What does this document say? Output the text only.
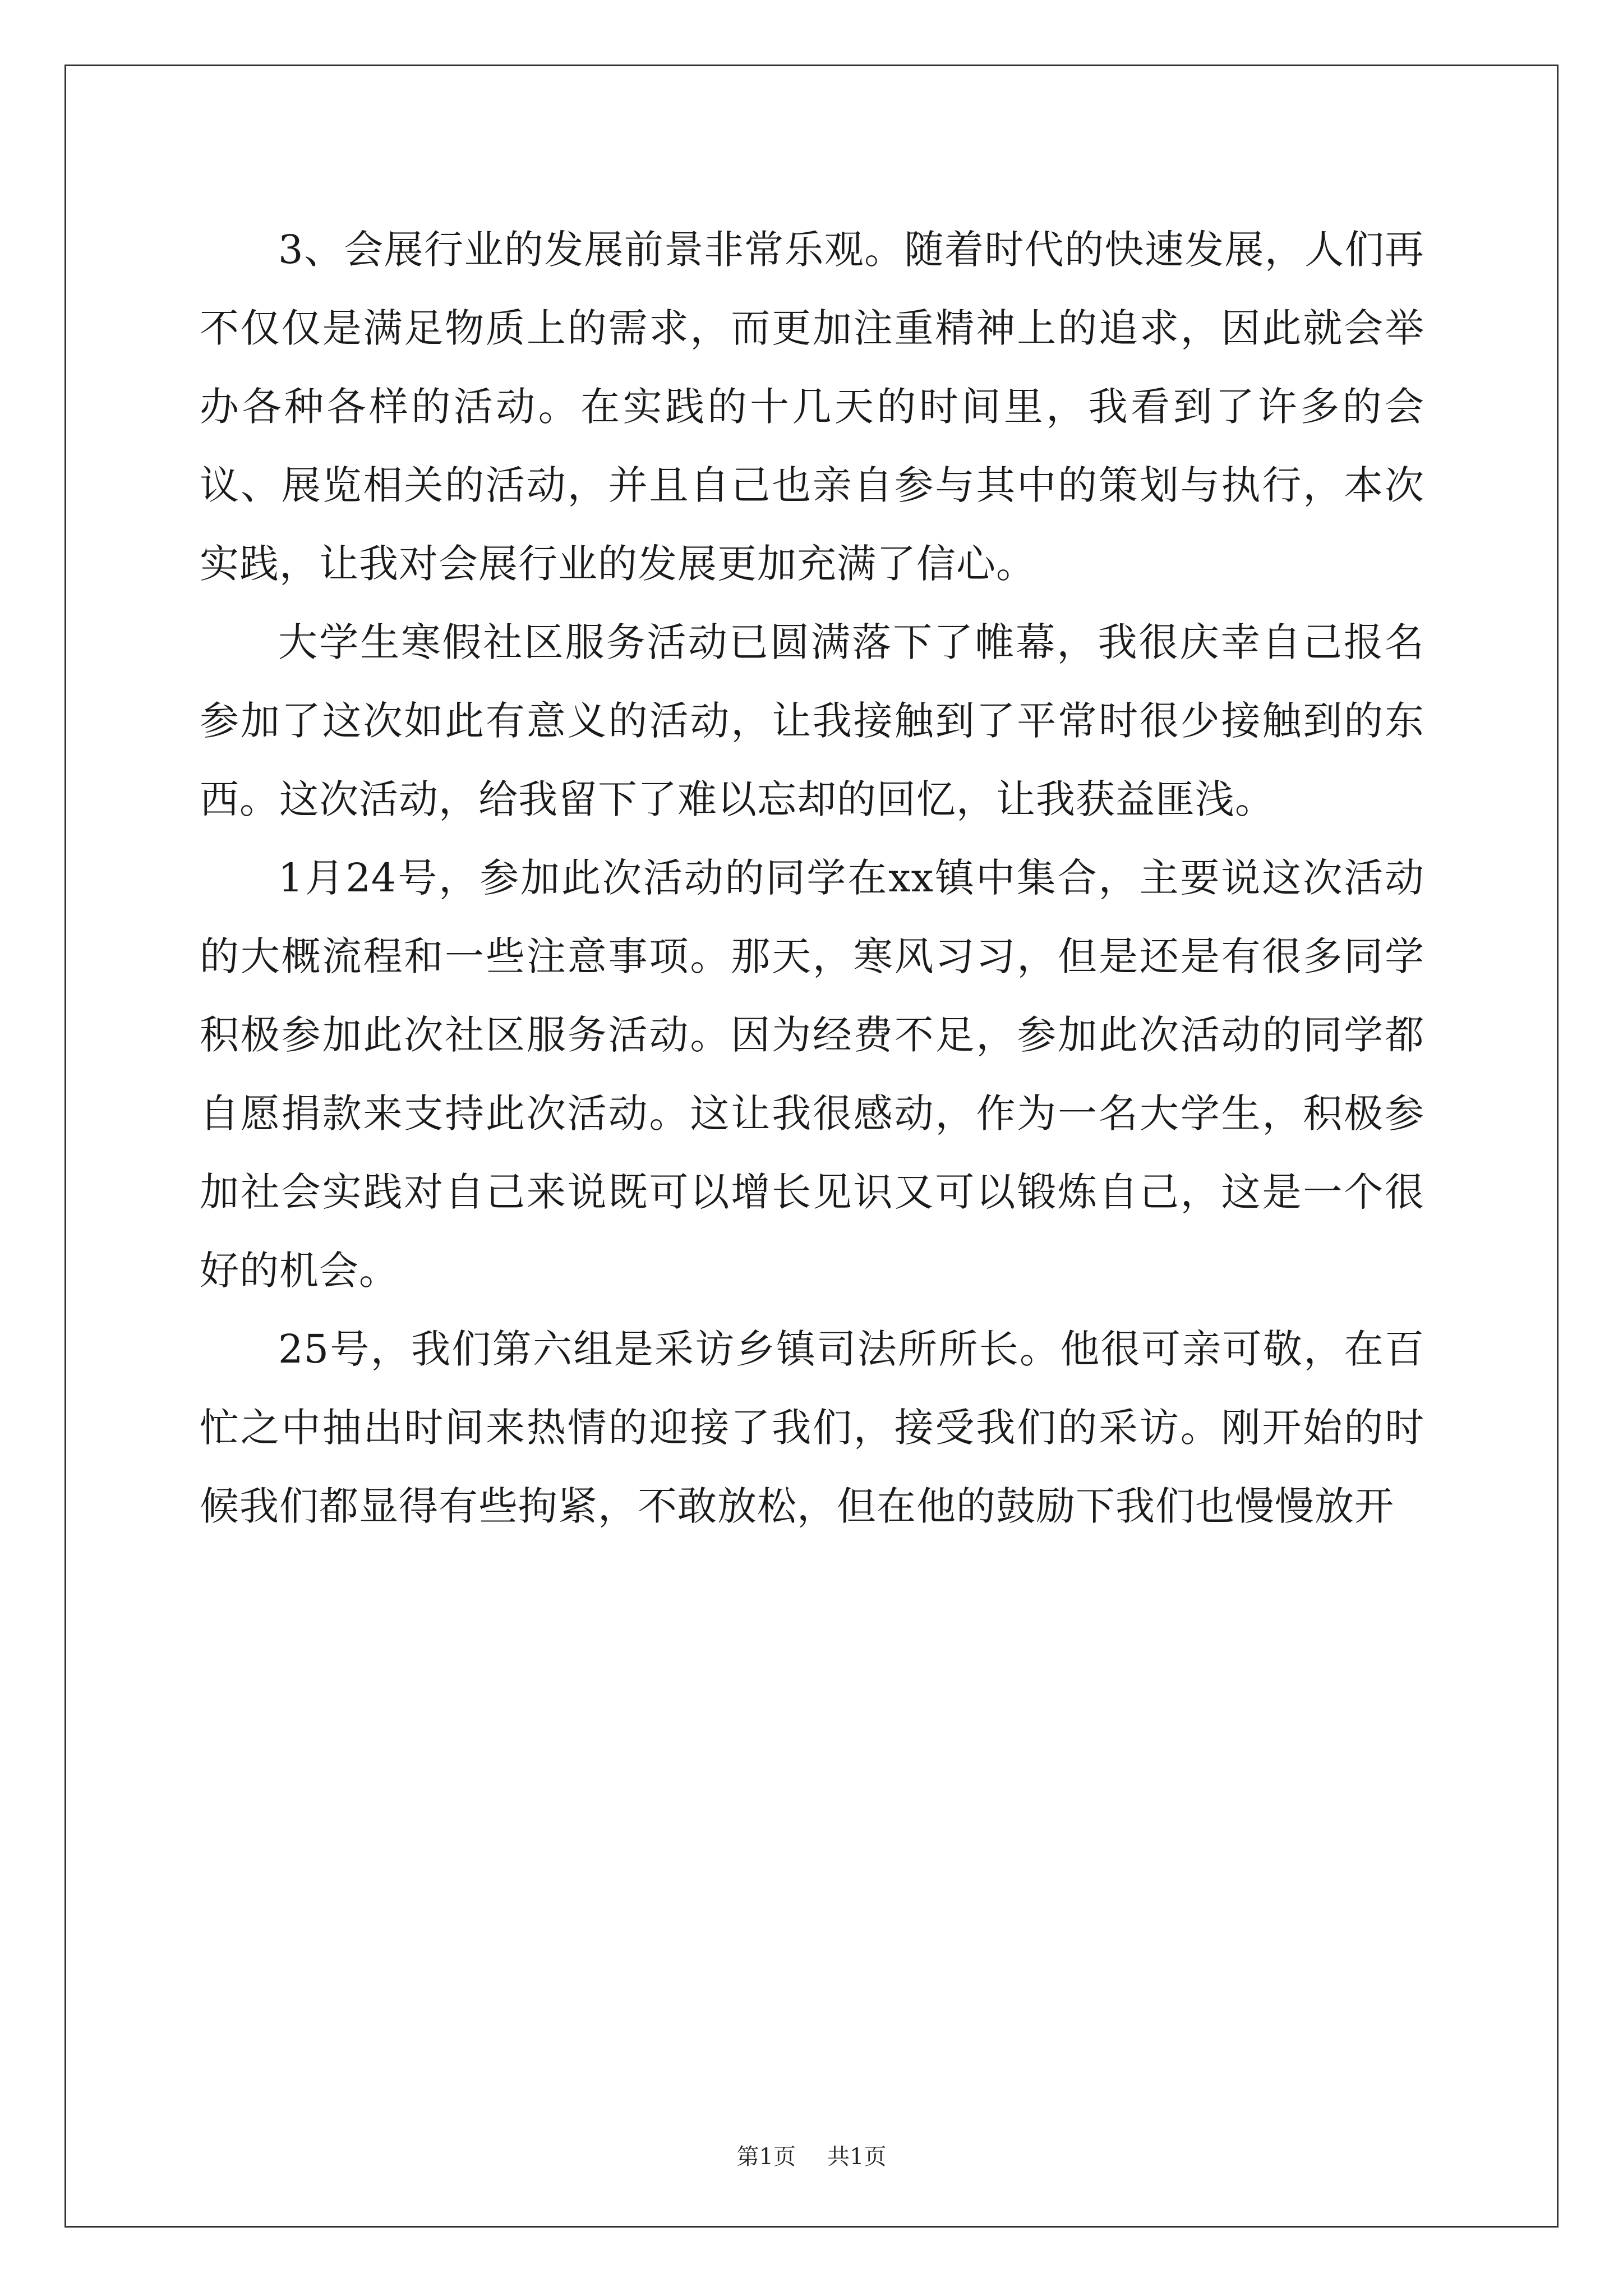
3、会展行业的发展前景非常乐观。随着时代的快速发展，人们再不仅仅是满足物质上的需求，而更加注重精神上的追求，因此就会举办各种各样的活动。在实践的十几天的时间里，我看到了许多的会议、展览相关的活动，并且自己也亲自参与其中的策划与执行，本次实践，让我对会展行业的发展更加充满了信心。

大学生寒假社区服务活动已圆满落下了帷幕，我很庆幸自己报名参加了这次如此有意义的活动，让我接触到了平常时很少接触到的东西。这次活动，给我留下了难以忘却的回忆，让我获益匪浅。

1月24号，参加此次活动的同学在xx镇中集合，主要说这次活动的大概流程和一些注意事项。那天，寒风习习，但是还是有很多同学积极参加此次社区服务活动。因为经费不足，参加此次活动的同学都自愿捐款来支持此次活动。这让我很感动，作为一名大学生，积极参加社会实践对自己来说既可以增长见识又可以锻炼自己，这是一个很好的机会。

25号，我们第六组是采访乡镇司法所所长。他很可亲可敬，在百忙之中抽出时间来热情的迎接了我们，接受我们的采访。刚开始的时候我们都显得有些拘紧，不敢放松，但在他的鼓励下我们也慢慢放开

第1页 共1页
